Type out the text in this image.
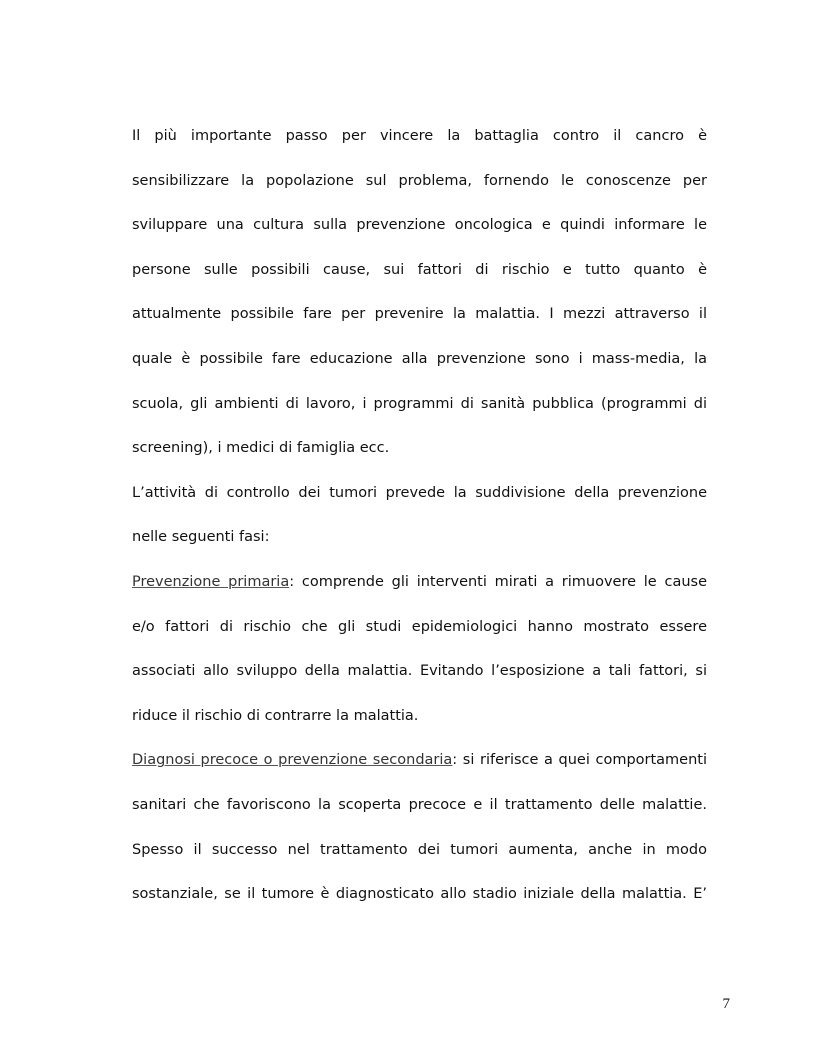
Il più importante passo per vincere la battaglia contro il cancro è
sensibilizzare la popolazione sul problema, fornendo le conoscenze per
sviluppare una cultura sulla prevenzione oncologica e quindi informare le
persone sulle possibili cause, sui fattori di rischio e tutto quanto è
attualmente possibile fare per prevenire la malattia. I mezzi attraverso il
quale è possibile fare educazione alla prevenzione sono i mass-media, la
scuola, gli ambienti di lavoro, i programmi di sanità pubblica (programmi di
screening), i medici di famiglia ecc.
L’attività di controllo dei tumori prevede la suddivisione della prevenzione
nelle seguenti fasi:
Prevenzione primaria: comprende gli interventi mirati a rimuovere le cause
e/o fattori di rischio che gli studi epidemiologici hanno mostrato essere
associati allo sviluppo della malattia. Evitando l’esposizione a tali fattori, si
riduce il rischio di contrarre la malattia.
Diagnosi precoce o prevenzione secondaria: si riferisce a quei comportamenti
sanitari che favoriscono la scoperta precoce e il trattamento delle malattie.
Spesso il successo nel trattamento dei tumori aumenta, anche in modo
sostanziale, se il tumore è diagnosticato allo stadio iniziale della malattia. E’
7
